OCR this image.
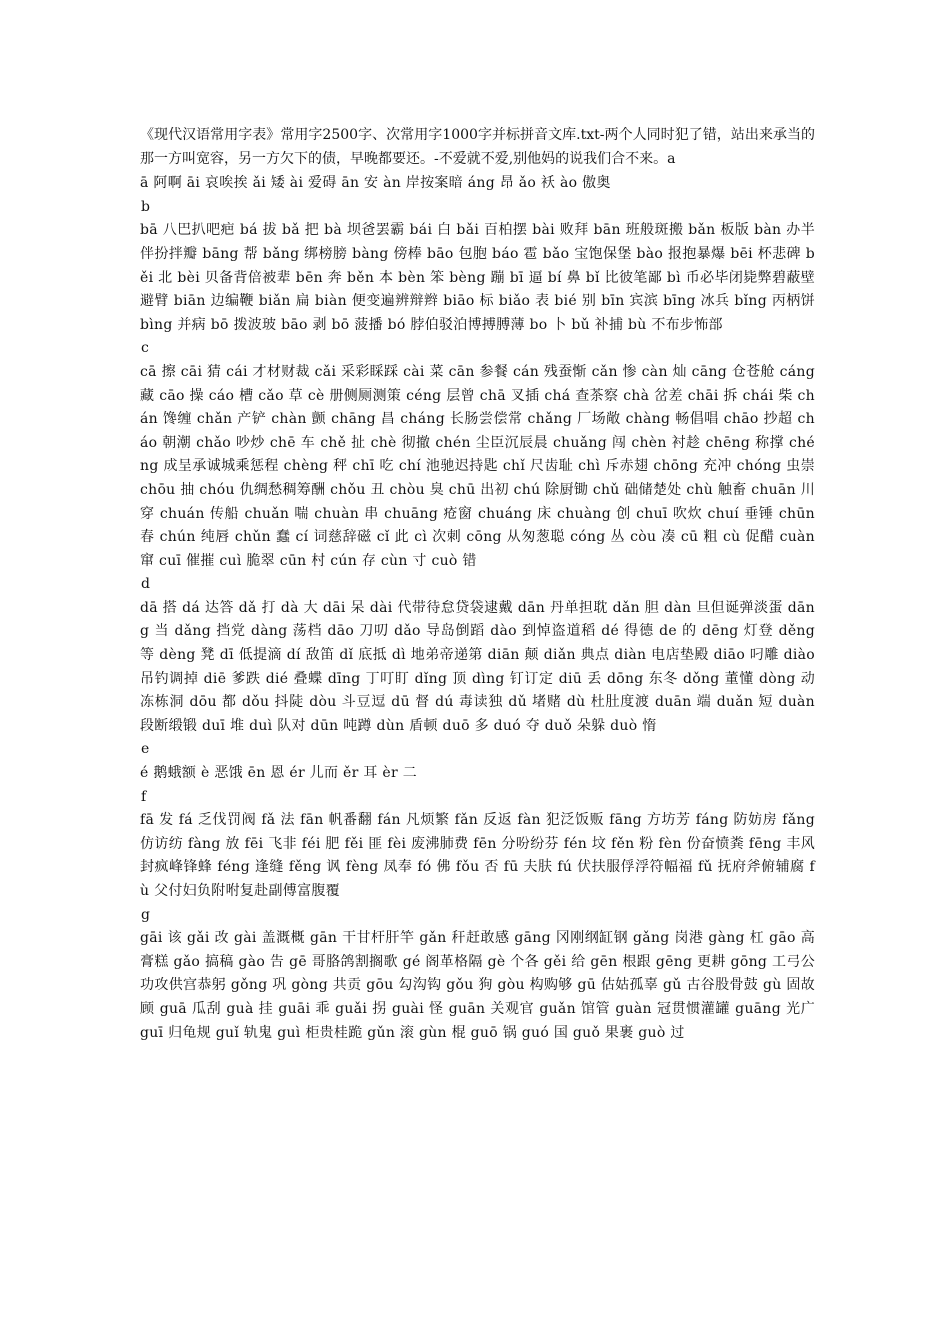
《现代汉语常用字表》常用字2500字、次常用字1000字并标拼音文库.txt-两个人同时犯了错，站出来承当的那一方叫宽容，另一方欠下的债，早晚都要还。-不爱就不爱,别他妈的说我们合不来。a

ā 阿啊 āi 哀唉挨 ǎi 矮 ài 爱碍 ān 安 àn 岸按案暗 áng 昂 ǎo 袄 ào 傲奥

b

bā 八巴扒吧疤 bá 拔 bǎ 把 bà 坝爸罢霸 bái 白 bǎi 百柏摆 bài 败拜 bān 班般斑搬 bǎn 板版 bàn 办半伴扮拌瓣 bāng 帮 bǎng 绑榜膀 bàng 傍棒 bāo 包胞 báo 雹 bǎo 宝饱保堡 bào 报抱暴爆 bēi 杯悲碑 běi 北 bèi 贝备背倍被辈 bēn 奔 běn 本 bèn 笨 bèng 蹦 bī 逼 bí 鼻 bǐ 比彼笔鄙 bì 币必毕闭毙弊碧蔽壁避臂 biān 边编鞭 biǎn 扁 biàn 便变遍辨辩辫 biāo 标 biǎo 表 bié 别 bīn 宾滨 bīng 冰兵 bǐng 丙柄饼 bìng 并病 bō 拨波玻 bāo 剥 bō 菠播 bó 脖伯驳泊博搏膊薄 bo 卜 bǔ 补捕 bù 不布步怖部

c

cā 擦 cāi 猜 cái 才材财裁 cǎi 采彩睬踩 cài 菜 cān 参餐 cán 残蚕惭 cǎn 惨 càn 灿 cāng 仓苍舱 cáng 藏 cāo 操 cáo 槽 cǎo 草 cè 册侧厕测策 céng 层曾 chā 叉插 chá 查茶察 chà 岔差 chāi 拆 chái 柴 chán 馋缠 chǎn 产铲 chàn 颤 chāng 昌 cháng 长肠尝偿常 chǎng 厂场敞 chàng 畅倡唱 chāo 抄超 cháo 朝潮 chǎo 吵炒 chē 车 chě 扯 chè 彻撤 chén 尘臣沉辰晨 chuǎng 闯 chèn 衬趁 chēng 称撑 chéng 成呈承诚城乘惩程 chèng 秤 chī 吃 chí 池驰迟持匙 chǐ 尺齿耻 chì 斥赤翅 chōng 充冲 chóng 虫崇 chōu 抽 chóu 仇绸愁稠筹酬 chǒu 丑 chòu 臭 chū 出初 chú 除厨锄 chǔ 础储楚处 chù 触畜 chuān 川穿 chuán 传船 chuǎn 喘 chuàn 串 chuāng 疮窗 chuáng 床 chuàng 创 chuī 吹炊 chuí 垂锤 chūn 春 chún 纯唇 chǔn 蠢 cí 词慈辞磁 cǐ 此 cì 次刺 cōng 从匆葱聪 cóng 丛 còu 凑 cū 粗 cù 促醋 cuàn 窜 cuī 催摧 cuì 脆翠 cūn 村 cún 存 cùn 寸 cuò 错

d

dā 搭 dá 达答 dǎ 打 dà 大 dāi 呆 dài 代带待怠贷袋逮戴 dān 丹单担耽 dǎn 胆 dàn 旦但诞弹淡蛋 dāng 当 dǎng 挡党 dàng 荡档 dāo 刀叨 dǎo 导岛倒蹈 dào 到悼盗道稻 dé 得德 de 的 dēng 灯登 děng 等 dèng 凳 dī 低提滴 dí 敌笛 dǐ 底抵 dì 地弟帝递第 diān 颠 diǎn 典点 diàn 电店垫殿 diāo 叼雕 diào 吊钓调掉 diē 爹跌 dié 叠蝶 dīng 丁叮盯 dǐng 顶 dìng 钉订定 diū 丢 dōng 东冬 dǒng 董懂 dòng 动冻栋洞 dōu 都 dǒu 抖陡 dòu 斗豆逗 dū 督 dú 毒读独 dǔ 堵赌 dù 杜肚度渡 duān 端 duǎn 短 duàn 段断缎锻 duī 堆 duì 队对 dūn 吨蹲 dùn 盾顿 duō 多 duó 夺 duǒ 朵躲 duò 惰

e

é 鹅蛾额 è 恶饿 ēn 恩 ér 儿而 ěr 耳 èr 二

f

fā 发 fá 乏伐罚阀 fǎ 法 fān 帆番翻 fán 凡烦繁 fǎn 反返 fàn 犯泛饭贩 fāng 方坊芳 fáng 防妨房 fǎng 仿访纺 fàng 放 fēi 飞非 féi 肥 fěi 匪 fèi 废沸肺费 fēn 分吩纷芬 fén 坟 fěn 粉 fèn 份奋愤粪 fēng 丰风封疯峰锋蜂 féng 逢缝 fěng 讽 fèng 凤奉 fó 佛 fǒu 否 fū 夫肤 fú 伏扶服俘浮符幅福 fǔ 抚府斧俯辅腐 fù 父付妇负附咐复赴副傅富腹覆

g

gāi 该 gǎi 改 gài 盖溉概 gān 干甘杆肝竿 gǎn 秆赶敢感 gāng 冈刚纲缸钢 gǎng 岗港 gàng 杠 gāo 高膏糕 gǎo 搞稿 gào 告 gē 哥胳鸽割搁歌 gé 阁革格隔 gè 个各 gěi 给 gēn 根跟 gēng 更耕 gōng 工弓公功攻供宫恭躬 gǒng 巩 gòng 共贡 gōu 勾沟钩 gǒu 狗 gòu 构购够 gū 估姑孤辜 gǔ 古谷股骨鼓 gù 固故顾 guā 瓜刮 guà 挂 guāi 乖 guǎi 拐 guài 怪 guān 关观官 guǎn 馆管 guàn 冠贯惯灌罐 guāng 光广 guī 归龟规 guǐ 轨鬼 guì 柜贵桂跪 gǔn 滚 gùn 棍 guō 锅 guó 国 guǒ 果裹 guò 过
